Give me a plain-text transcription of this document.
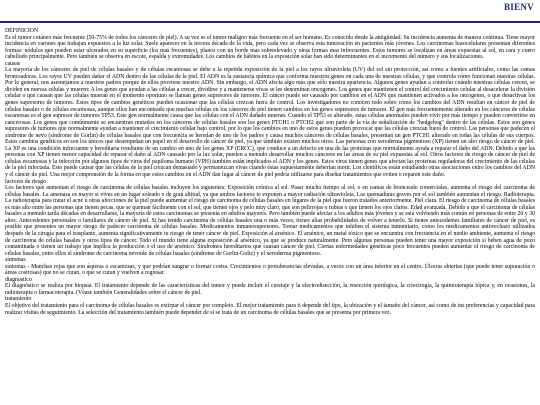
BIENV
DEFINICION
Es el tumor cutáneo más frecuente (50-75% de todos los cánceres de piel). A su vez es el tumor maligno más frecuente en el ser humano. Es conocido desde la antigüedad. Su incidencia aumenta de manera continua. Tiene mayor incidencia en varones que trabajan expuestos a la luz solar. Suele aparecer en la tercera década de la vida, pero cada vez se observa esta tumoración en pacientes más jóvenes. Los carcinomas basocelulares presentan diferentes formas: nódulos que pueden estar ulcerados en su superficie (los mas frecuentes), planos con un borde mas sobreelevado y otras formas mas infrecuentes. Estos tumores se localizan en áreas expuestas al sol, en cara y cuero cabelludo principalmente. Pero también se observa en escote, espalda y extremidades. Los cambios de hábitos en la exposición solar han sido determinantes en el incremento del número y sus localizaciones.
causas
La mayoría de los cánceres de piel de células basales y de células escamosas se debe a la repetida exposición de la piel a los rayos ultravioleta (UV) del sol sin protección, así como a fuentes artificiales, como las camas bronceadoras. Los rayos UV pueden dañar el ADN dentro de las células de la piel. El ADN es la sustancia química que conforma nuestros genes en cada una de nuestras células, y que controla cómo funcionan nuestras células. Por lo general, nos asemejamos a nuestros padres porque de ellos proviene nuestro ADN. Sin embargo, el ADN afecta algo más que sólo nuestra apariencia. Algunos genes ayudan a controlar cuándo nuestras células crecen, se dividen en nuevas células y mueren: A los genes que ayudan a las células a crecer, dividirse y a mantenerse vivas se les denominan oncogenes. Los genes que mantienen el control del crecimiento celular al desacelerar la división celular o que causan que las células mueran en el momento oportuno se llaman genes supresores de tumores. El cáncer puede ser causado por cambios en el ADN que mantienen activados a los oncogenes, o que desactivan los genes supresores de tumores. Estos tipos de cambios genéticos pueden ocasionar que las células crezcan fuera de control. Los investigadores no conocen todo sobre cómo los cambios del ADN resultan en cáncer de piel de células basales o de células escamosas, aunque ellos han encontrado que muchas células en los cánceres de piel tienen cambios en los genes supresores de tumores. El gen más frecuentemente alterado en los cánceres de células escamosas es el gen supresor de tumores TP53. Este gen normalmente causa que las células con el ADN dañado mueran. Cuando el TP53 es alterado, estas células anormales pueden vivir por más tiempo y pueden convertirse en cancerosas. Los genes que comúnmente se encuentran mutados en los cánceres de células basales son los genes PTCH1 o PTCH2 que son parte de la vía de señalización de "hedgehog" dentro de las células. Estos son genes supresores de tumores que normalmente ayudan a mantener el crecimiento celular bajo control, por lo que los cambios en uno de estos genes pueden provocar que las células crezcan fuera de control. Las personas que padecen el síndrome de nevo (síndrome de Gorlin) de células basales que con frecuencia se heredan de uno de los padres y causa muchos cánceres de células basales, presentan un gen PTCH1 alterado en todas las células de sus cuerpos. Estos cambios genéticos en son los únicos que desempeñan un papel en el desarrollo de cáncer de piel, ya que también existen muchos otros. Las personas con xeroderma pigmentoso (XP) tienen un alto riesgo de cáncer de piel. La XP es una condición infrecuente y hereditaria resultante de un cambio en uno de los genes XP (ERCC), que conduce a un defecto en una de las proteínas que normalmente ayuda a reparar el daño del ADN. Debido a que las personas con XP tienen menor capacidad de reparar el daño al ADN causado por la luz solar, pueden a menudo desarrollar muchos cánceres en las áreas de su piel expuestas al sol. Otros factores de riesgo de cáncer de piel de células escamosas y la infección por algunos tipos de virus del papiloma humano (VPH) también están implicados el ADN y los genes. Estos virus tienen genes que afectan las proteínas reguladoras del crecimiento de las células de la piel infectada. Esto puede causar que las células de la piel crezcan demasiado y permanezcan vivas cuando éstas supuestamente deberían morir. Los científicos están estudiando otras asociaciones entre los cambios del ADN y el cáncer de piel. Una mejor comprensión de la forma en que estos cambios en el ADN dan lugar al cáncer de piel podría utilizarse para diseñar tratamientos que eviten o reparen este daño.
factores de riesgo
Los factores que aumentan el riesgo de carcinoma de células basales incluyen los siguientes: Exposición crónica al sol. Pasar mucho tiempo al sol, o en camas de bronceado comerciales, aumenta el riesgo del carcinoma de células basales. La amenaza es mayor si vives en un lugar soleado o de gran altitud, ya que ambos factores te exponen a mayor radiación ultravioleta. Las quemaduras graves por el sol también aumentan el riesgo. Radioterapia. La radioterapia para tratar el acné u otras afecciones de la piel puede aumentar el riesgo de carcinoma de células basales en lugares de la piel que fueron tratados anteriormente. Piel clara. El riesgo de carcinoma de células basales es más alto entre las personas que tienen pecas, que se queman fácilmente con el sol, que tienen ojos y pelo muy claro, que son pelirrojas o rubias o que tienen los ojos claros. Edad avanzada. Debido a que el carcinoma de células basales a menudo tarda décadas en desarrollarse, la mayoría de estos carcinomas se presenta en adultos mayores. Pero también puede afectar a los adultos más jóvenes y se está volviendo más común en personas de entre 20 y 30 años. Antecedentes personales o familiares de cáncer de piel. Si has tenido carcinoma de células basales una o más veces, tienes altas probabilidades de volver a tenerlo. Si tienes antecedentes familiares de cáncer de piel, es posible que presentes un mayor riesgo de padecer carcinoma de células basales. Medicamentos inmunosupresores. Tomar medicamentos que inhiben el sistema inmunitario, como los medicamentos antirrechazo utilizados después de la cirugía para el trasplante, aumenta significativamente tu riesgo de tener cáncer de piel. Exposición al arsénico. El arsénico, un metal tóxico que se encuentra con frecuencia en el medio ambiente, aumenta el riesgo de carcinoma de células basales y otros tipos de cáncer. Todo el mundo tiene alguna exposición al arsénico, ya que se produce naturalmente. Pero algunas personas pueden tener una mayor exposición si beben agua de pozo contaminada o tienen un trabajo que implica la producción o el uso de arsénico. Síndromes hereditarios que causan cáncer de piel. Ciertas enfermedades genéticas poco frecuentes pueden aumentar el riesgo de carcinoma de células basales, entre ellos el síndrome de carcinoma nevoide de células basales (síndrome de Gorlin-Goltz) y el xeroderma pigmentoso.
síntomas
síntomas - Manchas rojas que son ásperas o escamosas, y que podrían sangrar o formar costra. Crecimientos o protuberancias elevadas, a veces con un área inferior en el centro. Úlceras abiertas (que puede tener supuración o áreas costrosas) que no se curan, o que se curan y vuelven a regresar.
diagnostico
El diagnóstico se realiza por biopsia. El tratamiento depende de las características del tumor y puede incluir el curetaje y la electrodisección, la resección quirúrgica, la criocirugía, la quimioterapia tópica y, en ocasiones, la radioterapia o farmacoterapia. (Véase también Generalidades sobre el cáncer de piel.
tratamiento
El objetivo del tratamiento para el carcinoma de células basales es extirpar el cáncer por completo. El mejor tratamiento para ti depende del tipo, la ubicación y el tamaño del cáncer, así como de tus preferencias y capacidad para realizar visitas de seguimiento. La selección del tratamiento también puede depender de si se trata de un carcinoma de células basales que se presenta por primera vez.
